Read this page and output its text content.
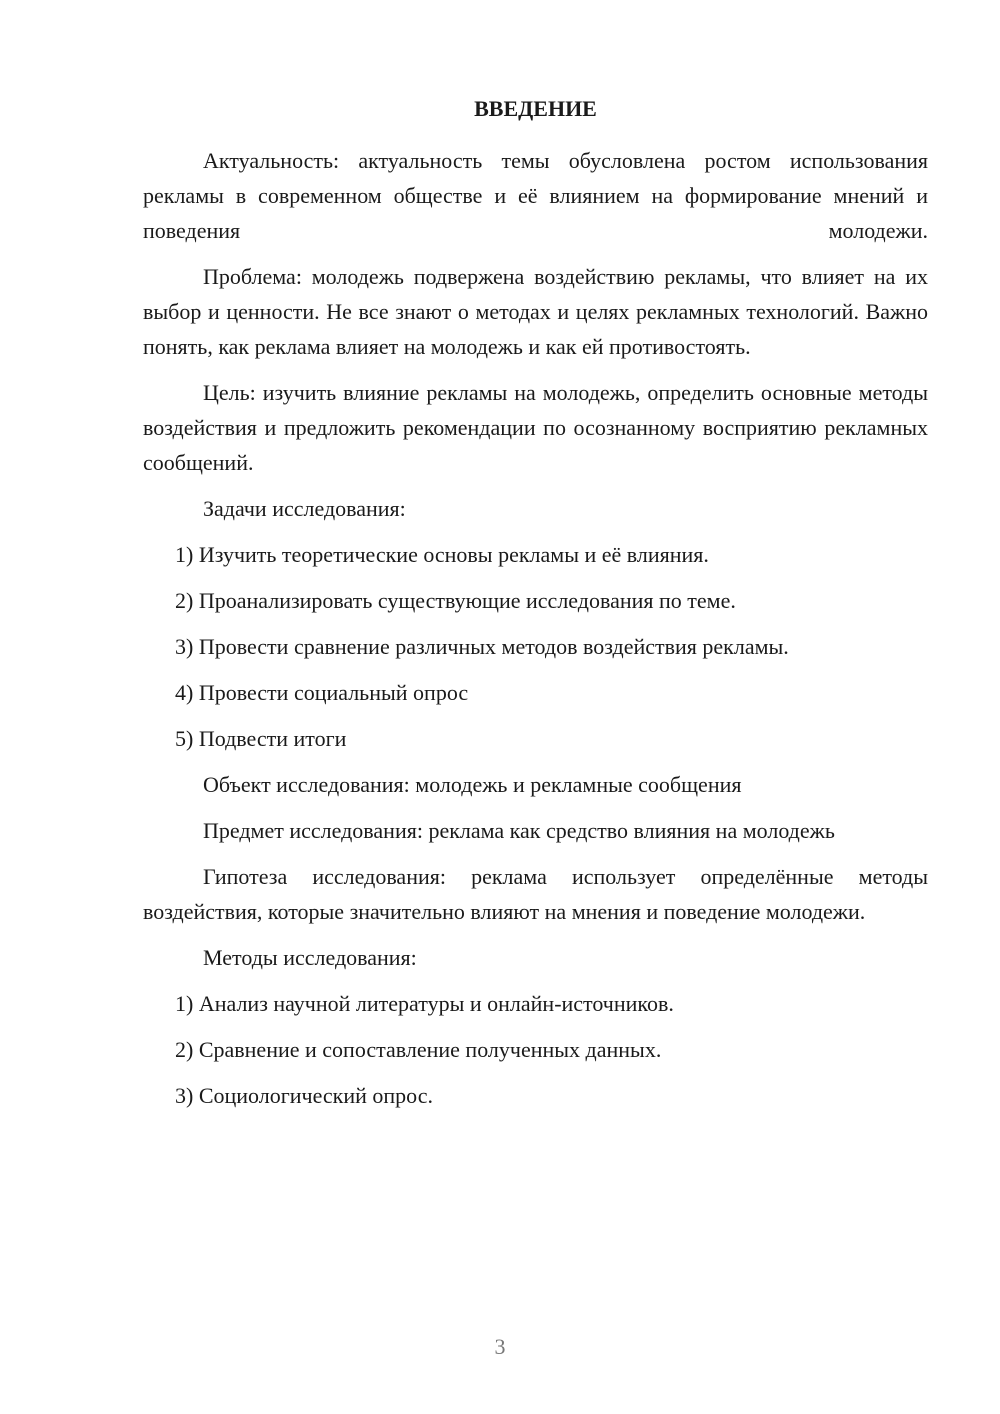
ВВЕДЕНИЕ

Актуальность: актуальность темы обусловлена ростом использования рекламы в современном обществе и её влиянием на формирование мнений и поведения молодежи.

Проблема: молодежь подвержена воздействию рекламы, что влияет на их выбор и ценности. Не все знают о методах и целях рекламных технологий. Важно понять, как реклама влияет на молодежь и как ей противостоять.

Цель: изучить влияние рекламы на молодежь, определить основные методы воздействия и предложить рекомендации по осознанному восприятию рекламных сообщений.

Задачи исследования:
1) Изучить теоретические основы рекламы и её влияния.
2) Проанализировать существующие исследования по теме.
3) Провести сравнение различных методов воздействия рекламы.
4) Провести социальный опрос
5) Подвести итоги
Объект исследования: молодежь и рекламные сообщения
Предмет исследования: реклама как средство влияния на молодежь

Гипотеза исследования: реклама использует определённые методы воздействия, которые значительно влияют на мнения и поведение молодежи.

Методы исследования:
1) Анализ научной литературы и онлайн-источников.
2) Сравнение и сопоставление полученных данных.
3) Социологический опрос.
3
